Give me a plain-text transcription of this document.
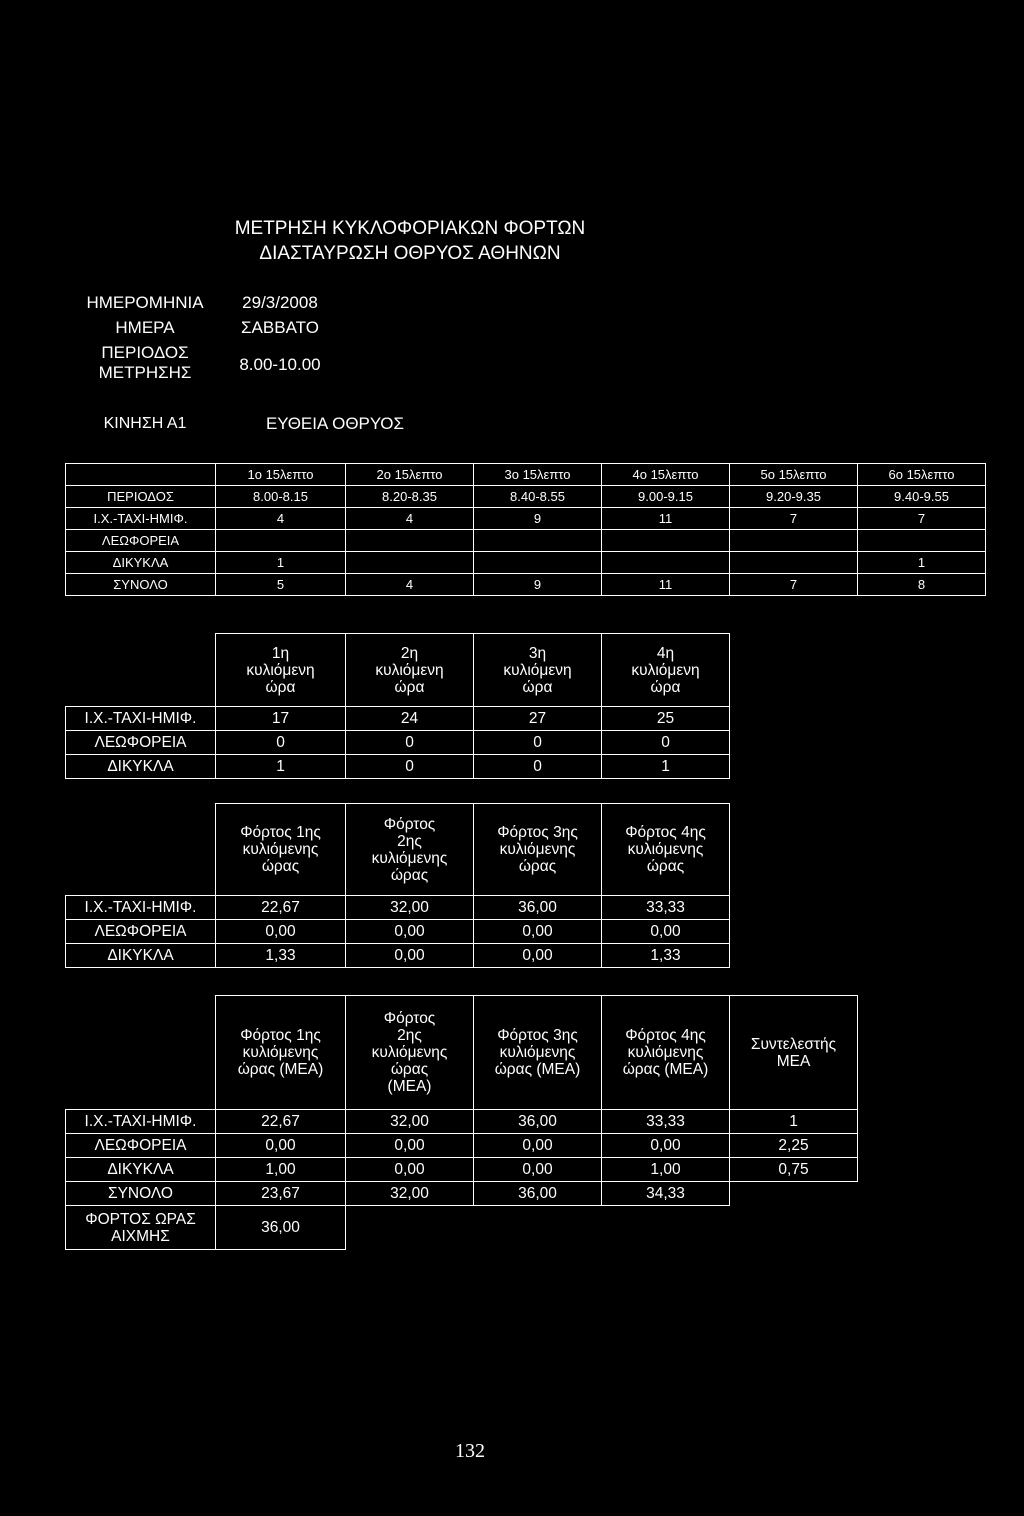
ΜΕΤΡΗΣΗ ΚΥΚΛΟΦΟΡΙΑΚΩΝ ΦΟΡΤΩΝ
ΔΙΑΣΤΑΥΡΩΣΗ ΟΘΡΥΟΣ ΑΘΗΝΩΝ
ΗΜΕΡΟΜΗΝΙΑ	29/3/2008
ΗΜΕΡΑ	ΣΑΒΒΑΤΟ
ΠΕΡΙΟΔΟΣ
ΜΕΤΡΗΣΗΣ	8.00-10.00
ΚΙΝΗΣΗ Α1	ΕΥΘΕΙΑ ΟΘΡΥΟΣ
	1ο 15λεπτο	2ο 15λεπτο	3ο 15λεπτο	4ο 15λεπτο	5ο 15λεπτο	6ο 15λεπτο
ΠΕΡΙΟΔΟΣ	8.00-8.15	8.20-8.35	8.40-8.55	9.00-9.15	9.20-9.35	9.40-9.55
Ι.Χ.-ΤΑΧΙ-ΗΜΙΦ.	4	4	9	11	7	7
ΛΕΩΦΟΡΕΙΑ						
ΔΙΚΥΚΛΑ	1					1
ΣΥΝΟΛΟ	5	4	9	11	7	8
	1η
κυλιόμενη
ώρα	2η
κυλιόμενη
ώρα	3η
κυλιόμενη
ώρα	4η
κυλιόμενη
ώρα
Ι.Χ.-ΤΑΧΙ-ΗΜΙΦ.	17	24	27	25
ΛΕΩΦΟΡΕΙΑ	0	0	0	0
ΔΙΚΥΚΛΑ	1	0	0	1
	Φόρτος 1ης
κυλιόμενης
ώρας	Φόρτος
2ης
κυλιόμενης
ώρας	Φόρτος 3ης
κυλιόμενης
ώρας	Φόρτος 4ης
κυλιόμενης
ώρας
Ι.Χ.-ΤΑΧΙ-ΗΜΙΦ.	22,67	32,00	36,00	33,33
ΛΕΩΦΟΡΕΙΑ	0,00	0,00	0,00	0,00
ΔΙΚΥΚΛΑ	1,33	0,00	0,00	1,33
	Φόρτος 1ης
κυλιόμενης
ώρας (ΜΕΑ)	Φόρτος
2ης
κυλιόμενης
ώρας
(ΜΕΑ)	Φόρτος 3ης
κυλιόμενης
ώρας (ΜΕΑ)	Φόρτος 4ης
κυλιόμενης
ώρας (ΜΕΑ)	Συντελεστής
ΜΕΑ
Ι.Χ.-ΤΑΧΙ-ΗΜΙΦ.	22,67	32,00	36,00	33,33	1
ΛΕΩΦΟΡΕΙΑ	0,00	0,00	0,00	0,00	2,25
ΔΙΚΥΚΛΑ	1,00	0,00	0,00	1,00	0,75
ΣΥΝΟΛΟ	23,67	32,00	36,00	34,33	
ΦΟΡΤΟΣ ΩΡΑΣ
ΑΙΧΜΗΣ	36,00				
132
